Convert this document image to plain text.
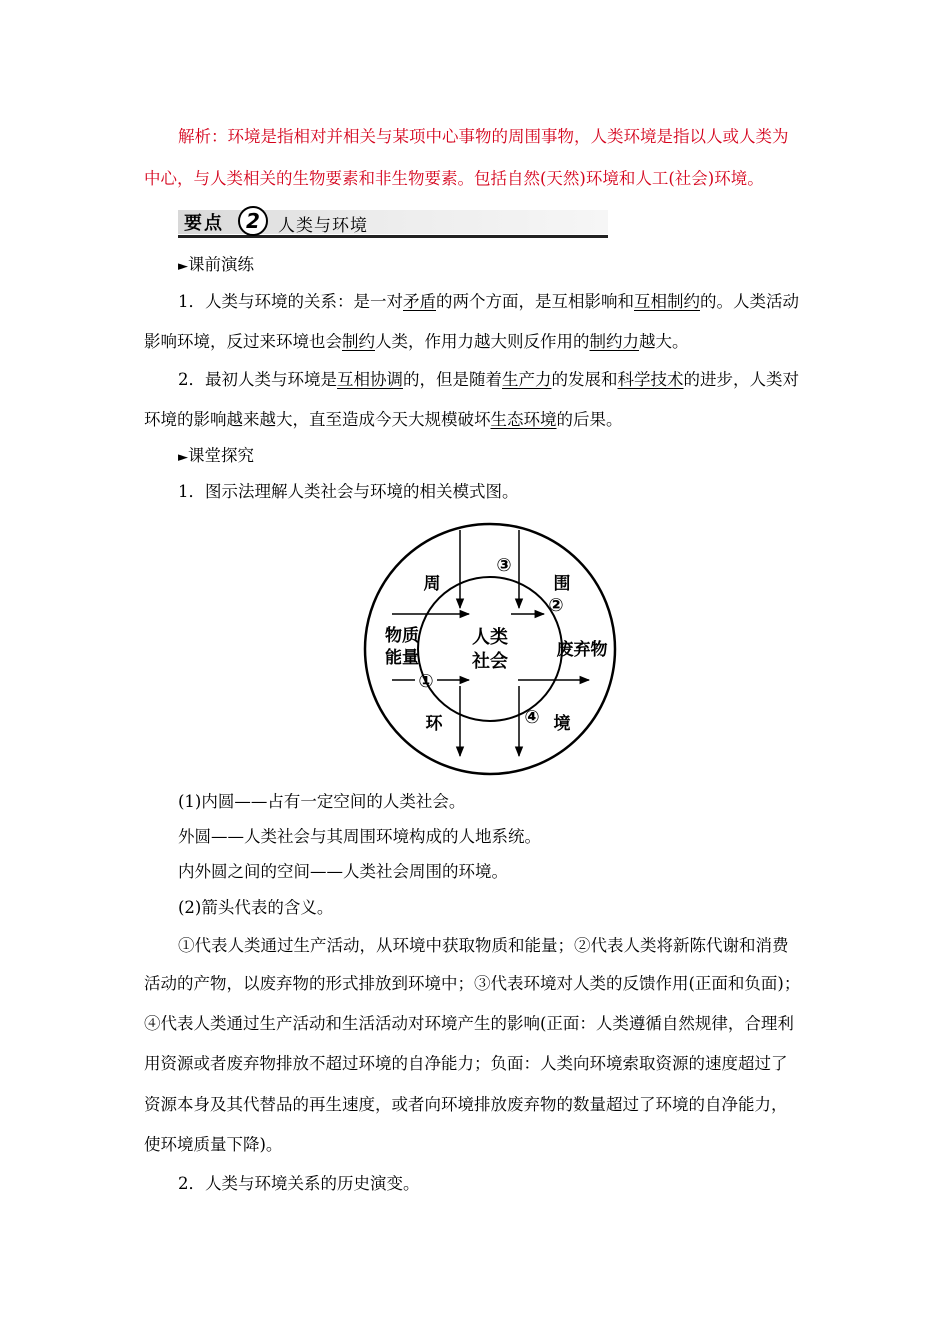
解析：环境是指相对并相关与某项中心事物的周围事物，人类环境是指以人或人类为
中心，与人类相关的生物要素和非生物要素。包括自然(天然)环境和人工(社会)环境。
要点	2	人类与环境
►课前演练
1．人类与环境的关系：是一对矛盾的两个方面，是互相影响和互相制约的。人类活动
影响环境，反过来环境也会制约人类，作用力越大则反作用的制约力越大。
2．最初人类与环境是互相协调的，但是随着生产力的发展和科学技术的进步，人类对
环境的影响越来越大，直至造成今天大规模破坏生态环境的后果。
►课堂探究
1．图示法理解人类社会与环境的相关模式图。
人类
社会
周	围
环	境
物质
能量	废弃物
①
②
③
④
(1)内圆——占有一定空间的人类社会。
外圆——人类社会与其周围环境构成的人地系统。
内外圆之间的空间——人类社会周围的环境。
(2)箭头代表的含义。
①代表人类通过生产活动，从环境中获取物质和能量；②代表人类将新陈代谢和消费
活动的产物，以废弃物的形式排放到环境中；③代表环境对人类的反馈作用(正面和负面)；
④代表人类通过生产活动和生活活动对环境产生的影响(正面：人类遵循自然规律，合理利
用资源或者废弃物排放不超过环境的自净能力；负面：人类向环境索取资源的速度超过了
资源本身及其代替品的再生速度，或者向环境排放废弃物的数量超过了环境的自净能力，
使环境质量下降)。
2．人类与环境关系的历史演变。
